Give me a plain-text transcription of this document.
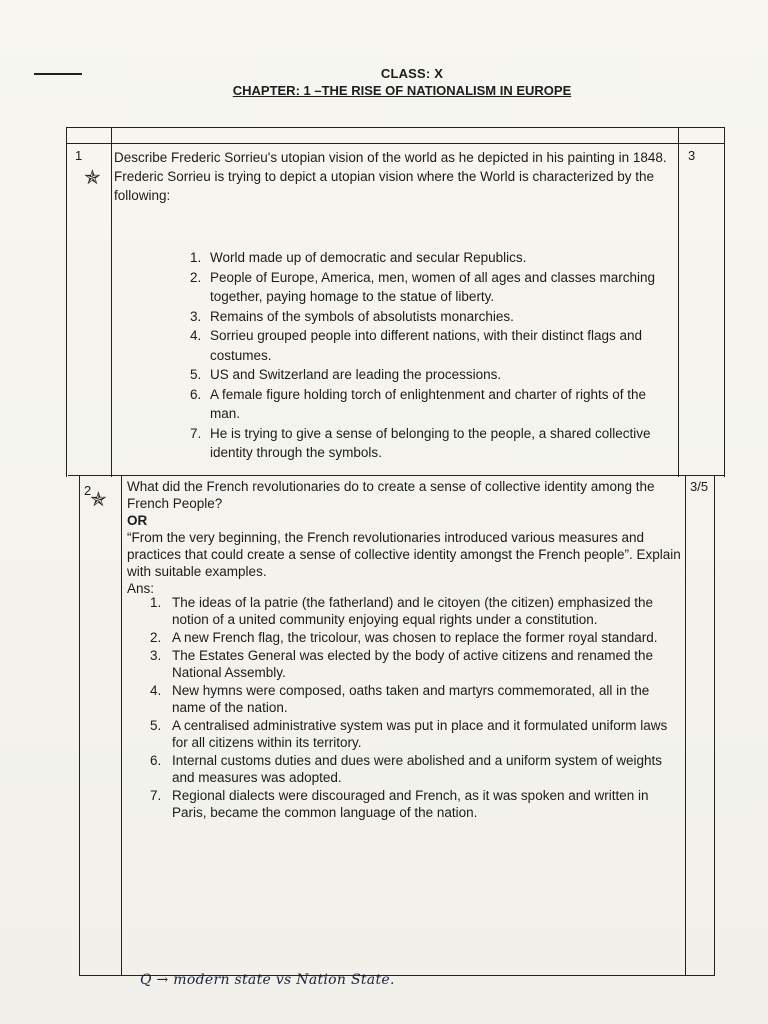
CLASS: X
CHAPTER: 1 –THE RISE OF NATIONALISM IN EUROPE
1
✯
3

Describe Frederic Sorrieu's utopian vision of the world as he depicted in his painting in 1848.

Frederic Sorrieu is trying to depict a utopian vision where the World is characterized by the following:

1. World made up of democratic and secular Republics.
2. People of Europe, America, men, women of all ages and classes marching together, paying homage to the statue of liberty.
3. Remains of the symbols of absolutists monarchies.
4. Sorrieu grouped people into different nations, with their distinct flags and costumes.
5. US and Switzerland are leading the processions.
6. A female figure holding torch of enlightenment and charter of rights of the man.
7. He is trying to give a sense of belonging to the people, a shared collective identity through the symbols.
2
✯
3/5

What did the French revolutionaries do to create a sense of collective identity among the French People?

OR

“From the very beginning, the French revolutionaries introduced various measures and practices that could create a sense of collective identity amongst the French people”. Explain with suitable examples.

Ans:

1. The ideas of la patrie (the fatherland) and le citoyen (the citizen) emphasized the notion of a united community enjoying equal rights under a constitution.
2. A new French flag, the tricolour, was chosen to replace the former royal standard.
3. The Estates General was elected by the body of active citizens and renamed the National Assembly.
4. New hymns were composed, oaths taken and martyrs commemorated, all in the name of the nation.
5. A centralised administrative system was put in place and it formulated uniform laws for all citizens within its territory.
6. Internal customs duties and dues were abolished and a uniform system of weights and measures was adopted.
7. Regional dialects were discouraged and French, as it was spoken and written in Paris, became the common language of the nation.
Q → modern state vs Nation State.
